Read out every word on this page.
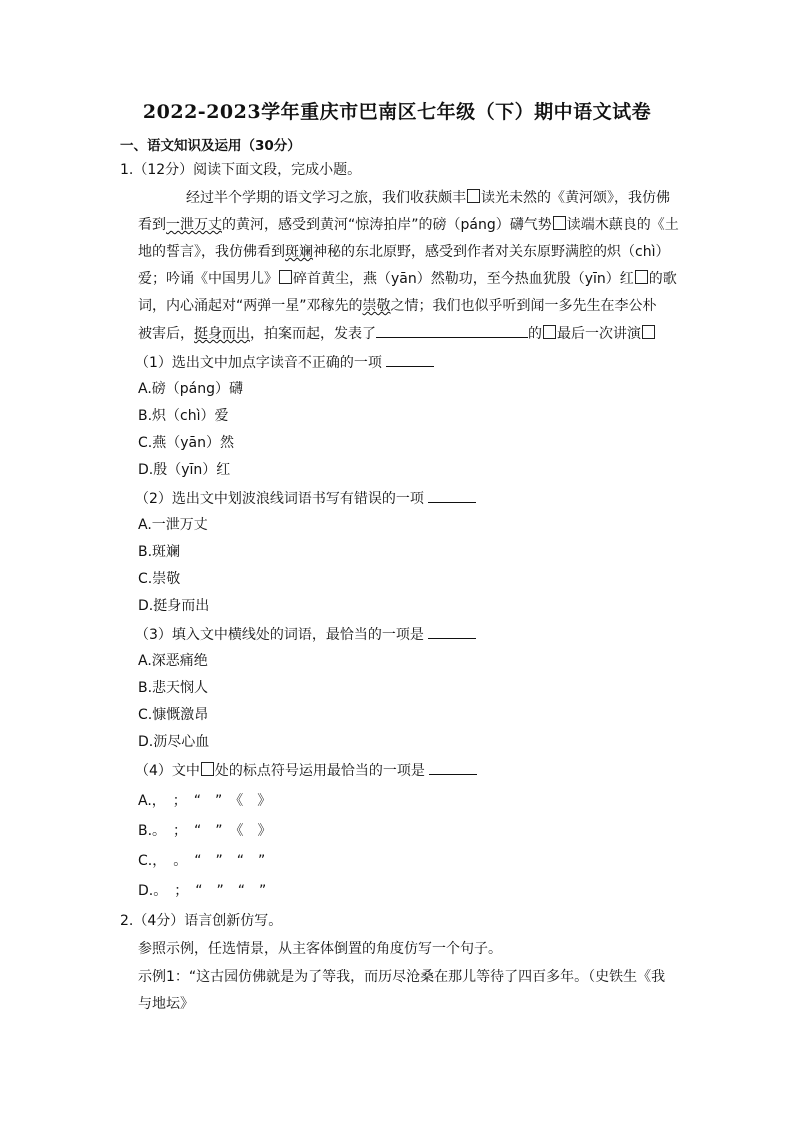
2022-2023学年重庆市巴南区七年级（下）期中语文试卷
一、语文知识及运用（30分）
1.（12分）阅读下面文段，完成小题。
经过半个学期的语文学习之旅，我们收获颇丰 读光未然的《黄河颂》，我仿佛
看到一泄万丈的黄河，感受到黄河“惊涛拍岸”的磅（páng）礴气势 读端木蕻良的《土
地的誓言》，我仿佛看到斑斓神秘的东北原野，感受到作者对关东原野满腔的炽（chì）
爱；吟诵《中国男儿》 碎首黄尘，燕（yān）然勒功，至今热血犹殷（yīn）红 的歌
词，内心涌起对“两弹一星”邓稼先的崇敬之情；我们也似乎听到闻一多先生在李公朴
被害后，挺身而出，拍案而起，发表了	的 最后一次讲演
（1）选出文中加点字读音不正确的一项
A.磅（páng）礴
B.炽（chì）爱
C.燕（yān）然
D.殷（yīn）红
（2）选出文中划波浪线词语书写有错误的一项
A.一泄万丈
B.斑斓
C.崇敬
D.挺身而出
（3）填入文中横线处的词语，最恰当的一项是
A.深恶痛绝
B.悲天悯人
C.慷慨激昂
D.沥尽心血
（4）文中 处的标点符号运用最恰当的一项是
A.，　；　“　”　《　》
B.。　；　“　”　《　》
C.，　。　“　”　“　”
D.。　；　“　”　“　”
2.（4分）语言创新仿写。
参照示例，任选情景，从主客体倒置的角度仿写一个句子。
示例1：“这古园仿佛就是为了等我，而历尽沧桑在那儿等待了四百多年。（史铁生《我
与地坛》
